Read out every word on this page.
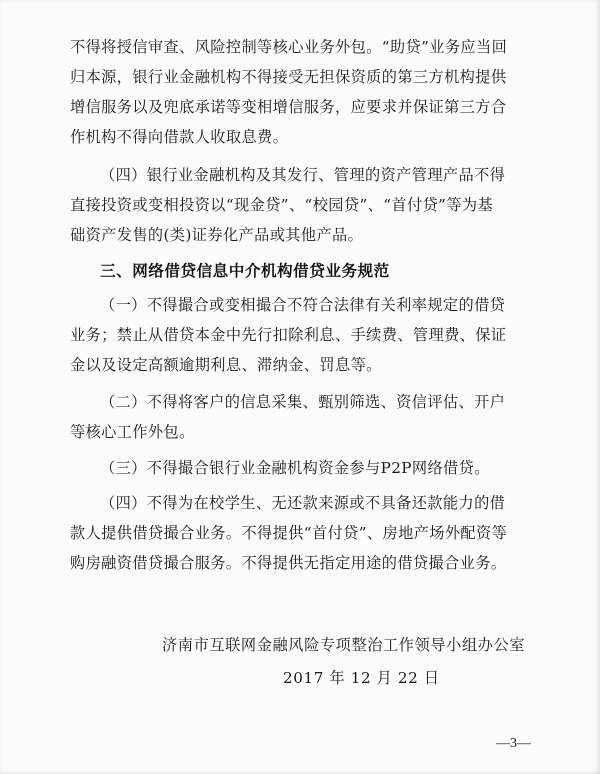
不得将授信审查、风险控制等核心业务外包。“助贷”业务应当回
归本源，银行业金融机构不得接受无担保资质的第三方机构提供
增信服务以及兜底承诺等变相增信服务，应要求并保证第三方合
作机构不得向借款人收取息费。
（四）银行业金融机构及其发行、管理的资产管理产品不得
直接投资或变相投资以“现金贷”、“校园贷”、“首付贷”等为基
础资产发售的(类)证券化产品或其他产品。
三、网络借贷信息中介机构借贷业务规范
（一）不得撮合或变相撮合不符合法律有关利率规定的借贷
业务；禁止从借贷本金中先行扣除利息、手续费、管理费、保证
金以及设定高额逾期利息、滞纳金、罚息等。
（二）不得将客户的信息采集、甄别筛选、资信评估、开户
等核心工作外包。
（三）不得撮合银行业金融机构资金参与P2P网络借贷。
（四）不得为在校学生、无还款来源或不具备还款能力的借
款人提供借贷撮合业务。不得提供“首付贷”、房地产场外配资等
购房融资借贷撮合服务。不得提供无指定用途的借贷撮合业务。
济南市互联网金融风险专项整治工作领导小组办公室
2017 年 12 月 22 日
—3—
